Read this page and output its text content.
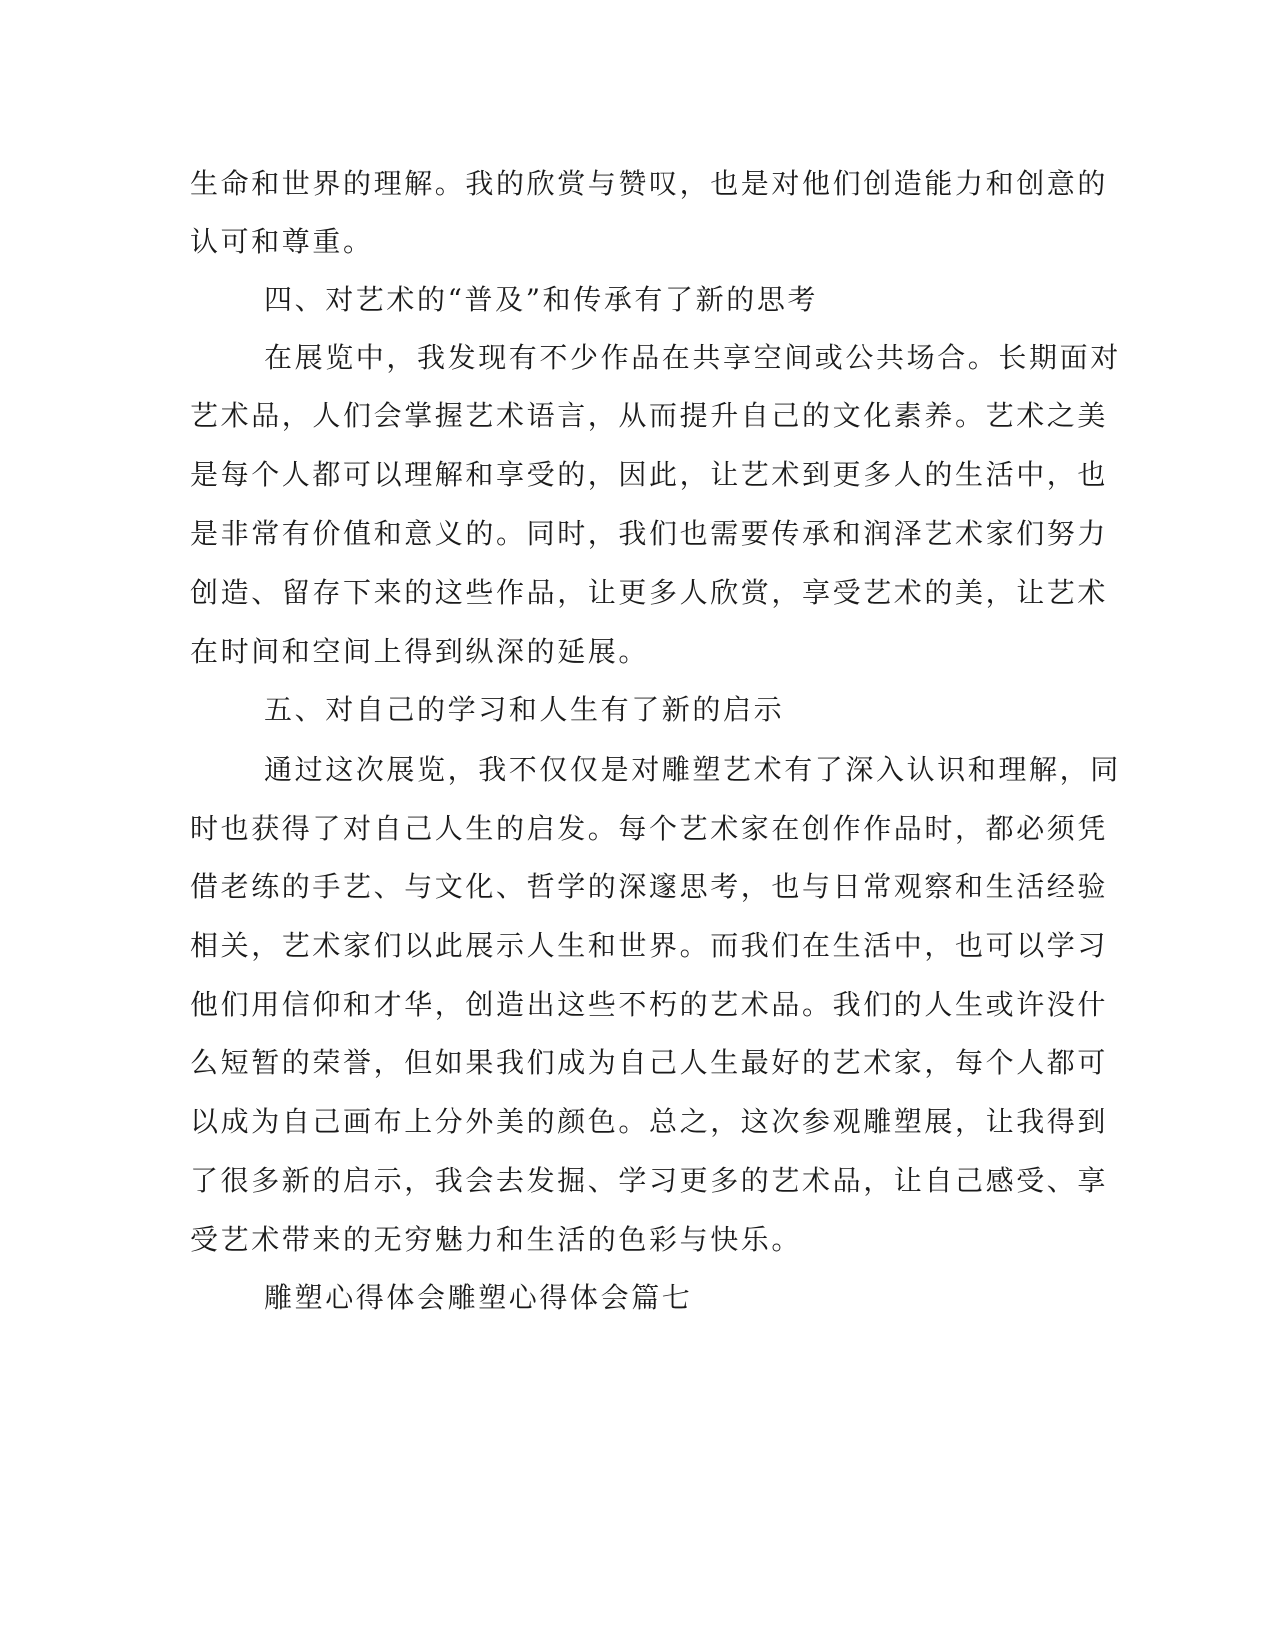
生命和世界的理解。我的欣赏与赞叹，也是对他们创造能力和创意的
认可和尊重。
四、对艺术的“普及”和传承有了新的思考
在展览中，我发现有不少作品在共享空间或公共场合。长期面对
艺术品，人们会掌握艺术语言，从而提升自己的文化素养。艺术之美
是每个人都可以理解和享受的，因此，让艺术到更多人的生活中，也
是非常有价值和意义的。同时，我们也需要传承和润泽艺术家们努力
创造、留存下来的这些作品，让更多人欣赏，享受艺术的美，让艺术
在时间和空间上得到纵深的延展。
五、对自己的学习和人生有了新的启示
通过这次展览，我不仅仅是对雕塑艺术有了深入认识和理解，同
时也获得了对自己人生的启发。每个艺术家在创作作品时，都必须凭
借老练的手艺、与文化、哲学的深邃思考，也与日常观察和生活经验
相关，艺术家们以此展示人生和世界。而我们在生活中，也可以学习
他们用信仰和才华，创造出这些不朽的艺术品。我们的人生或许没什
么短暂的荣誉，但如果我们成为自己人生最好的艺术家，每个人都可
以成为自己画布上分外美的颜色。总之，这次参观雕塑展，让我得到
了很多新的启示，我会去发掘、学习更多的艺术品，让自己感受、享
受艺术带来的无穷魅力和生活的色彩与快乐。
雕塑心得体会雕塑心得体会篇七
